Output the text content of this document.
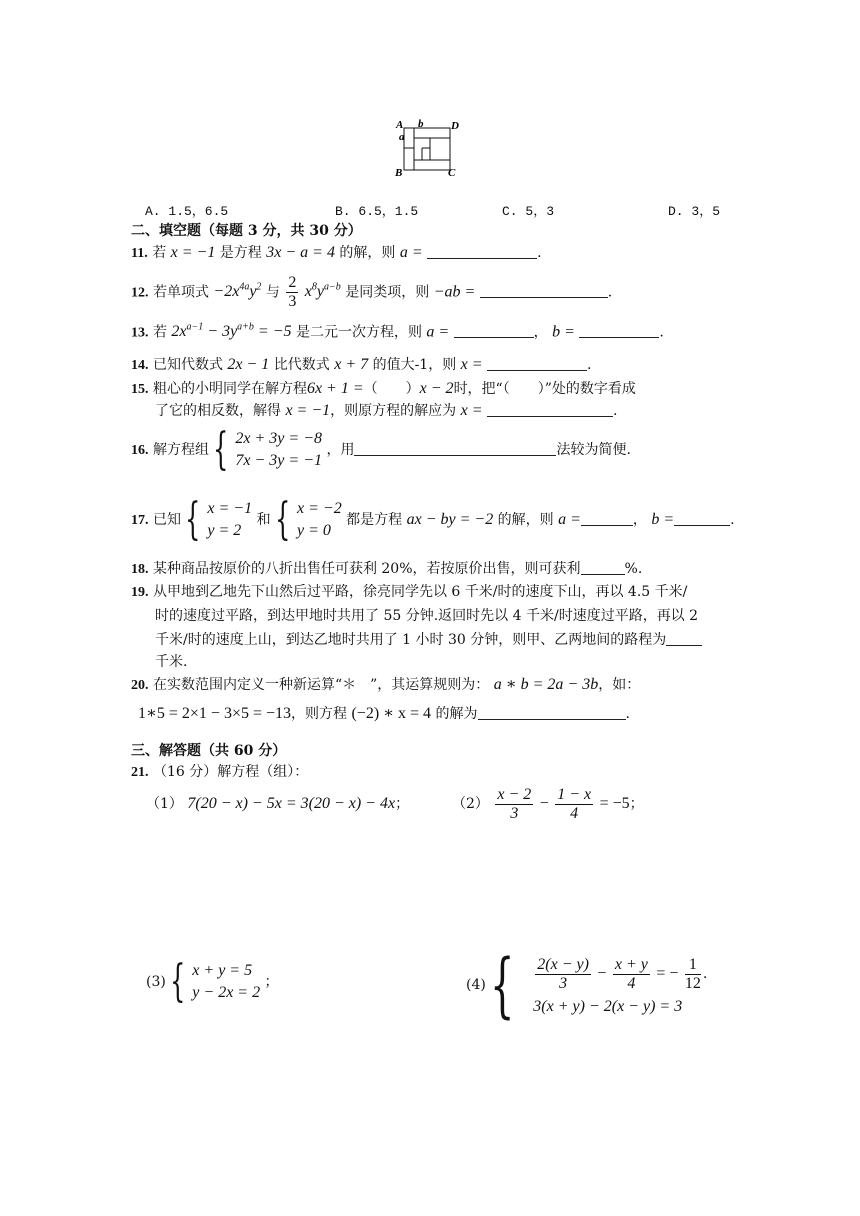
A b	D
a
B	C
A. 1.5，6.5	B. 6.5，1.5	C. 5，3	D. 3，5
二、填空题（每题 3 分，共 30 分）
11. 若 x = −1 是方程 3x − a = 4 的解，则 a =	.
12. 若单项式 $-2x^{4a}y^2$ 与 $\frac{2}{3} x^8y^{a-b}$ 是同类项，则 −ab =	.
13. 若 $2x^{a-1} - 3y^{a+b} = -5$ 是二元一次方程，则 a =	， b =	.
14. 已知代数式 2x − 1 比代数式 x + 7 的值大-1，则 x =	.
15. 粗心的小明同学在解方程6x + 1 =（　　）x − 2时，把“（　　）”处的数字看成
了它的相反数，解得 x = −1，则原方程的解应为 x =	.
16. 解方程组 { 2x + 3y = −8
7x − 3y = −1
，用	法较为简便.
17. 已知 { x = −1
y = 2
和 { x = −2
y = 0
都是方程 ax − by = −2 的解，则 a =	， b =	.
18. 某种商品按原价的八折出售任可获利 20%，若按原价出售，则可获利	%.
19. 从甲地到乙地先下山然后过平路，徐亮同学先以 6 千米/时的速度下山，再以 4.5 千米/
时的速度过平路，到达甲地时共用了 55 分钟.返回时先以 4 千米/时速度过平路，再以 2
千米/时的速度上山，到达乙地时共用了 1 小时 30 分钟，则甲、乙两地间的路程为
千米.
20. 在实数范围内定义一种新运算“＊　”，其运算规则为： a ∗ b = 2a − 3b，如：
1∗5 = 2×1 − 3×5 = −13，则方程 (−2) ∗ x = 4 的解为	.
三、解答题（共 60 分）
21. （16 分）解方程（组）：
（1） 7(20 − x) − 5x = 3(20 − x) − 4x；	$(2) \frac{x - 2}{3} - \frac{1 - x}{4} = -5$；
(3) { x + y = 5
y − 2x = 2
；	(4) { $\frac{2(x - y)}{3} - \frac{x + y}{4}$ = − $\frac{1}{12}$ .
3(x + y) − 2(x − y) = 3
